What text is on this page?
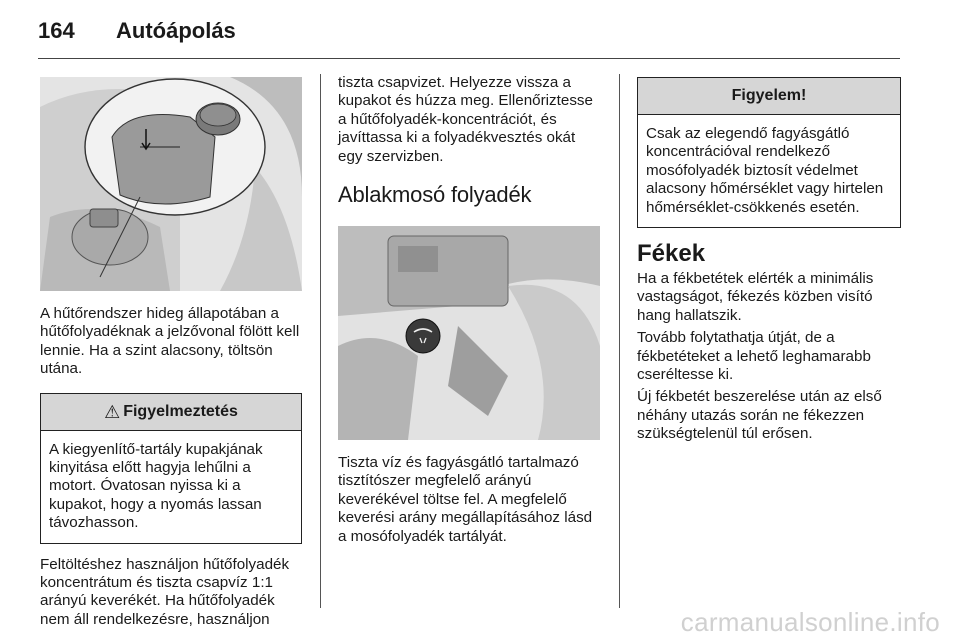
164 Autóápolás

A hűtőrendszer hideg állapotában a hűtőfolyadéknak a jelzővonal fölött kell lennie. Ha a szint alacsony, töltsön utána.

⚠ Figyelmeztetés
A kiegyenlítő-tartály kupakjának kinyitása előtt hagyja lehűlni a motort. Óvatosan nyissa ki a kupakot, hogy a nyomás lassan távozhasson.

Feltöltéshez használjon hűtőfolyadék koncentrátum és tiszta csapvíz 1:1 arányú keverékét. Ha hűtőfolyadék nem áll rendelkezésre, használjon

tiszta csapvizet. Helyezze vissza a kupakot és húzza meg. Ellenőriztesse a hűtőfolyadék-koncentrációt, és javíttassa ki a folyadékvesztés okát egy szervizben.

Ablakmosó folyadék

Tiszta víz és fagyásgátló tartalmazó tisztítószer megfelelő arányú keverékével töltse fel. A megfelelő keverési arány megállapításához lásd a mosófolyadék tartályát.

Figyelem!
Csak az elegendő fagyásgátló koncentrációval rendelkező mosófolyadék biztosít védelmet alacsony hőmérséklet vagy hirtelen hőmérséklet-csökkenés esetén.
Fékek

Ha a fékbetétek elérték a minimális vastagságot, fékezés közben visító hang hallatszik.

Tovább folytathatja útját, de a fékbetéteket a lehető leghamarabb cseréltesse ki.

Új fékbetét beszerelése után az első néhány utazás során ne fékezzen szükségtelenül túl erősen.

carmanualsonline.info
